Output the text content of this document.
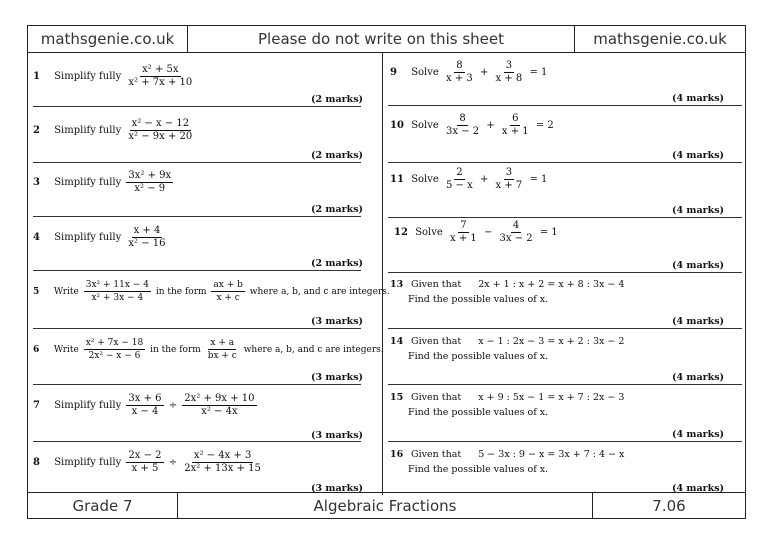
mathsgenie.co.uk	Please do not write on this sheet	mathsgenie.co.uk
Grade 7	Algebraic Fractions	7.06
1 Simplify fully $\frac{\text{x² + 5x}}{\text{x² + 7x + 10}}$
(2 marks)
2 Simplify fully $\frac{\text{x² − x − 12}}{\text{x² − 9x + 20}}$
(2 marks)
3 Simplify fully $\frac{\text{3x² + 9x}}{\text{x² − 9}}$
(2 marks)
4 Simplify fully $\frac{x + 4}{\text{x² − 16}}$
(2 marks)
5 Write $\frac{\text{3x² + 11x − 4}}{\text{x² + 3x − 4}}$ in the form $\frac{ax + b}{x + c}$ where a, b, and c are integers.
(3 marks)
6 Write $\frac{\text{x² + 7x − 18}}{\text{2x² − x − 6}}$ in the form $\frac{x + a}{bx + c}$ where a, b, and c are integers.
(3 marks)
7 Simplify fully $\frac{3x + 6}{x - 4} \div \frac{\text{2x² + 9x + 10}}{\text{x² − 4x}}$
(3 marks)
8 Simplify fully $\frac{2x - 2}{x + 5} \div \frac{\text{x² − 4x + 3}}{\text{2x² + 13x + 15}}$
(3 marks)
9 Solve $\frac{8}{x + 3} + \frac{3}{x + 8} = 1$
(4 marks)
10 Solve $\frac{8}{3x - 2} + \frac{6}{x + 1} = 2$
(4 marks)
11 Solve $\frac{2}{5 - x} + \frac{3}{x + 7} = 1$
(4 marks)
12 Solve $\frac{7}{x + 1} - \frac{4}{3x - 2} = 1$
(4 marks)
13 Given that 2x + 1 : x + 2 = x + 8 : 3x − 4
Find the possible values of x.
(4 marks)
14 Given that x − 1 : 2x − 3 = x + 2 : 3x − 2
Find the possible values of x.
(4 marks)
15 Given that x + 9 : 5x − 1 = x + 7 : 2x − 3
Find the possible values of x.
(4 marks)
16 Given that 5 − 3x : 9 − x = 3x + 7 : 4 − x
Find the possible values of x.
(4 marks)
